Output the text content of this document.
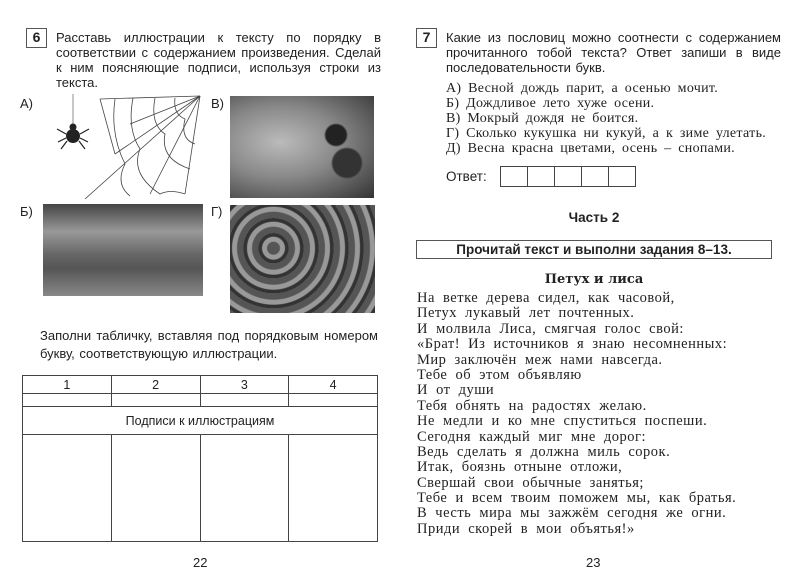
6	Расставь иллюстрации к тексту по порядку в соответствии с содержанием произведения. Сделай к ним поясняющие подписи, используя строки из текста.
А)	В)
Б)	Г)
Заполни табличку, вставляя под порядковым номером букву, соответствующую иллюстрации.
1	2	3	4

Подписи к иллюстрациям			

22
7	Какие из пословиц можно соотнести с содержанием прочитанного тобой текста? Ответ запиши в виде последовательности букв.
А) Весной дождь парит, а осенью мочит.
Б) Дождливое лето хуже осени.
В) Мокрый дождя не боится.
Г) Сколько кукушка ни кукуй, а к зиме улетать.
Д) Весна красна цветами, осень – снопами.
Ответ:
Часть 2
Прочитай текст и выполни задания 8–13.
Петух и лиса
На ветке дерева сидел, как часовой,
Петух лукавый лет почтенных.
И молвила Лиса, смягчая голос свой:
«Брат! Из источников я знаю несомненных:
Мир заключён меж нами навсегда.
Тебе об этом объявляю
И от души
Тебя обнять на радостях желаю.
Не медли и ко мне спуститься поспеши.
Сегодня каждый миг мне дорог:
Ведь сделать я должна миль сорок.
Итак, боязнь отныне отложи,
Свершай свои обычные занятья;
Тебе и всем твоим поможем мы, как братья.
В честь мира мы зажжём сегодня же огни.
Приди скорей в мои объятья!»
23
